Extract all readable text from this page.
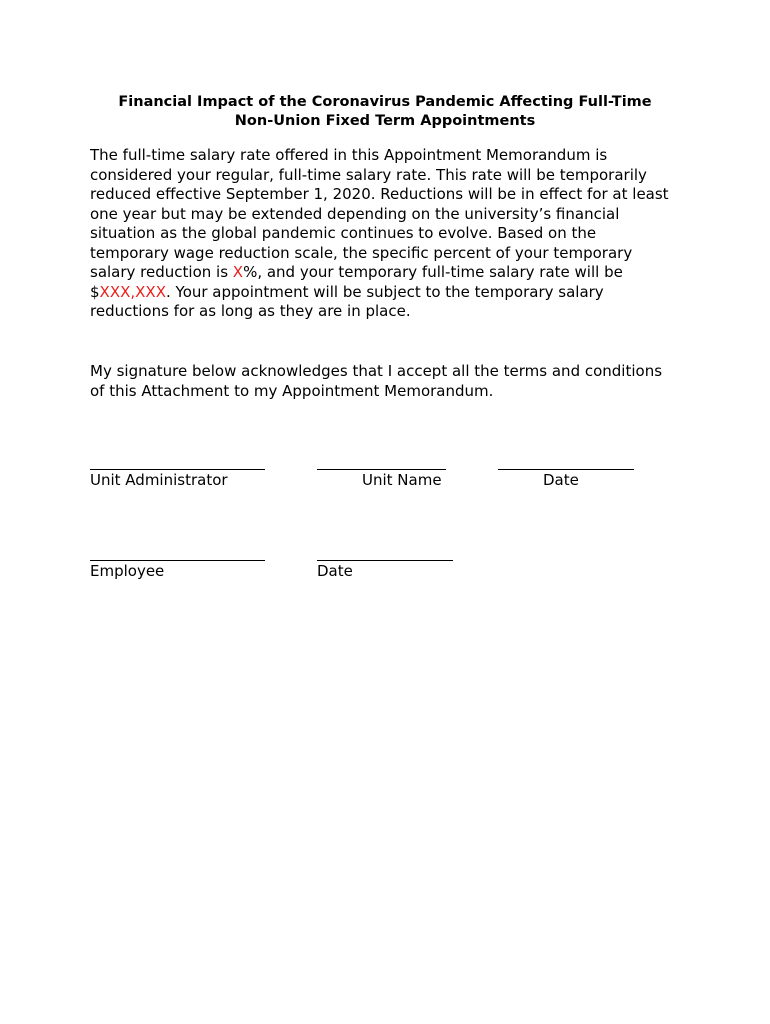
Financial Impact of the Coronavirus Pandemic Affecting Full-Time
Non-Union Fixed Term Appointments
The full-time salary rate offered in this Appointment Memorandum is
considered your regular, full-time salary rate. This rate will be temporarily
reduced effective September 1, 2020. Reductions will be in effect for at least
one year but may be extended depending on the university’s financial
situation as the global pandemic continues to evolve. Based on the
temporary wage reduction scale, the specific percent of your temporary
salary reduction is X%, and your temporary full-time salary rate will be
$XXX,XXX. Your appointment will be subject to the temporary salary
reductions for as long as they are in place.
My signature below acknowledges that I accept all the terms and conditions
of this Attachment to my Appointment Memorandum.
Unit Administrator	Unit Name	Date
Employee	Date
